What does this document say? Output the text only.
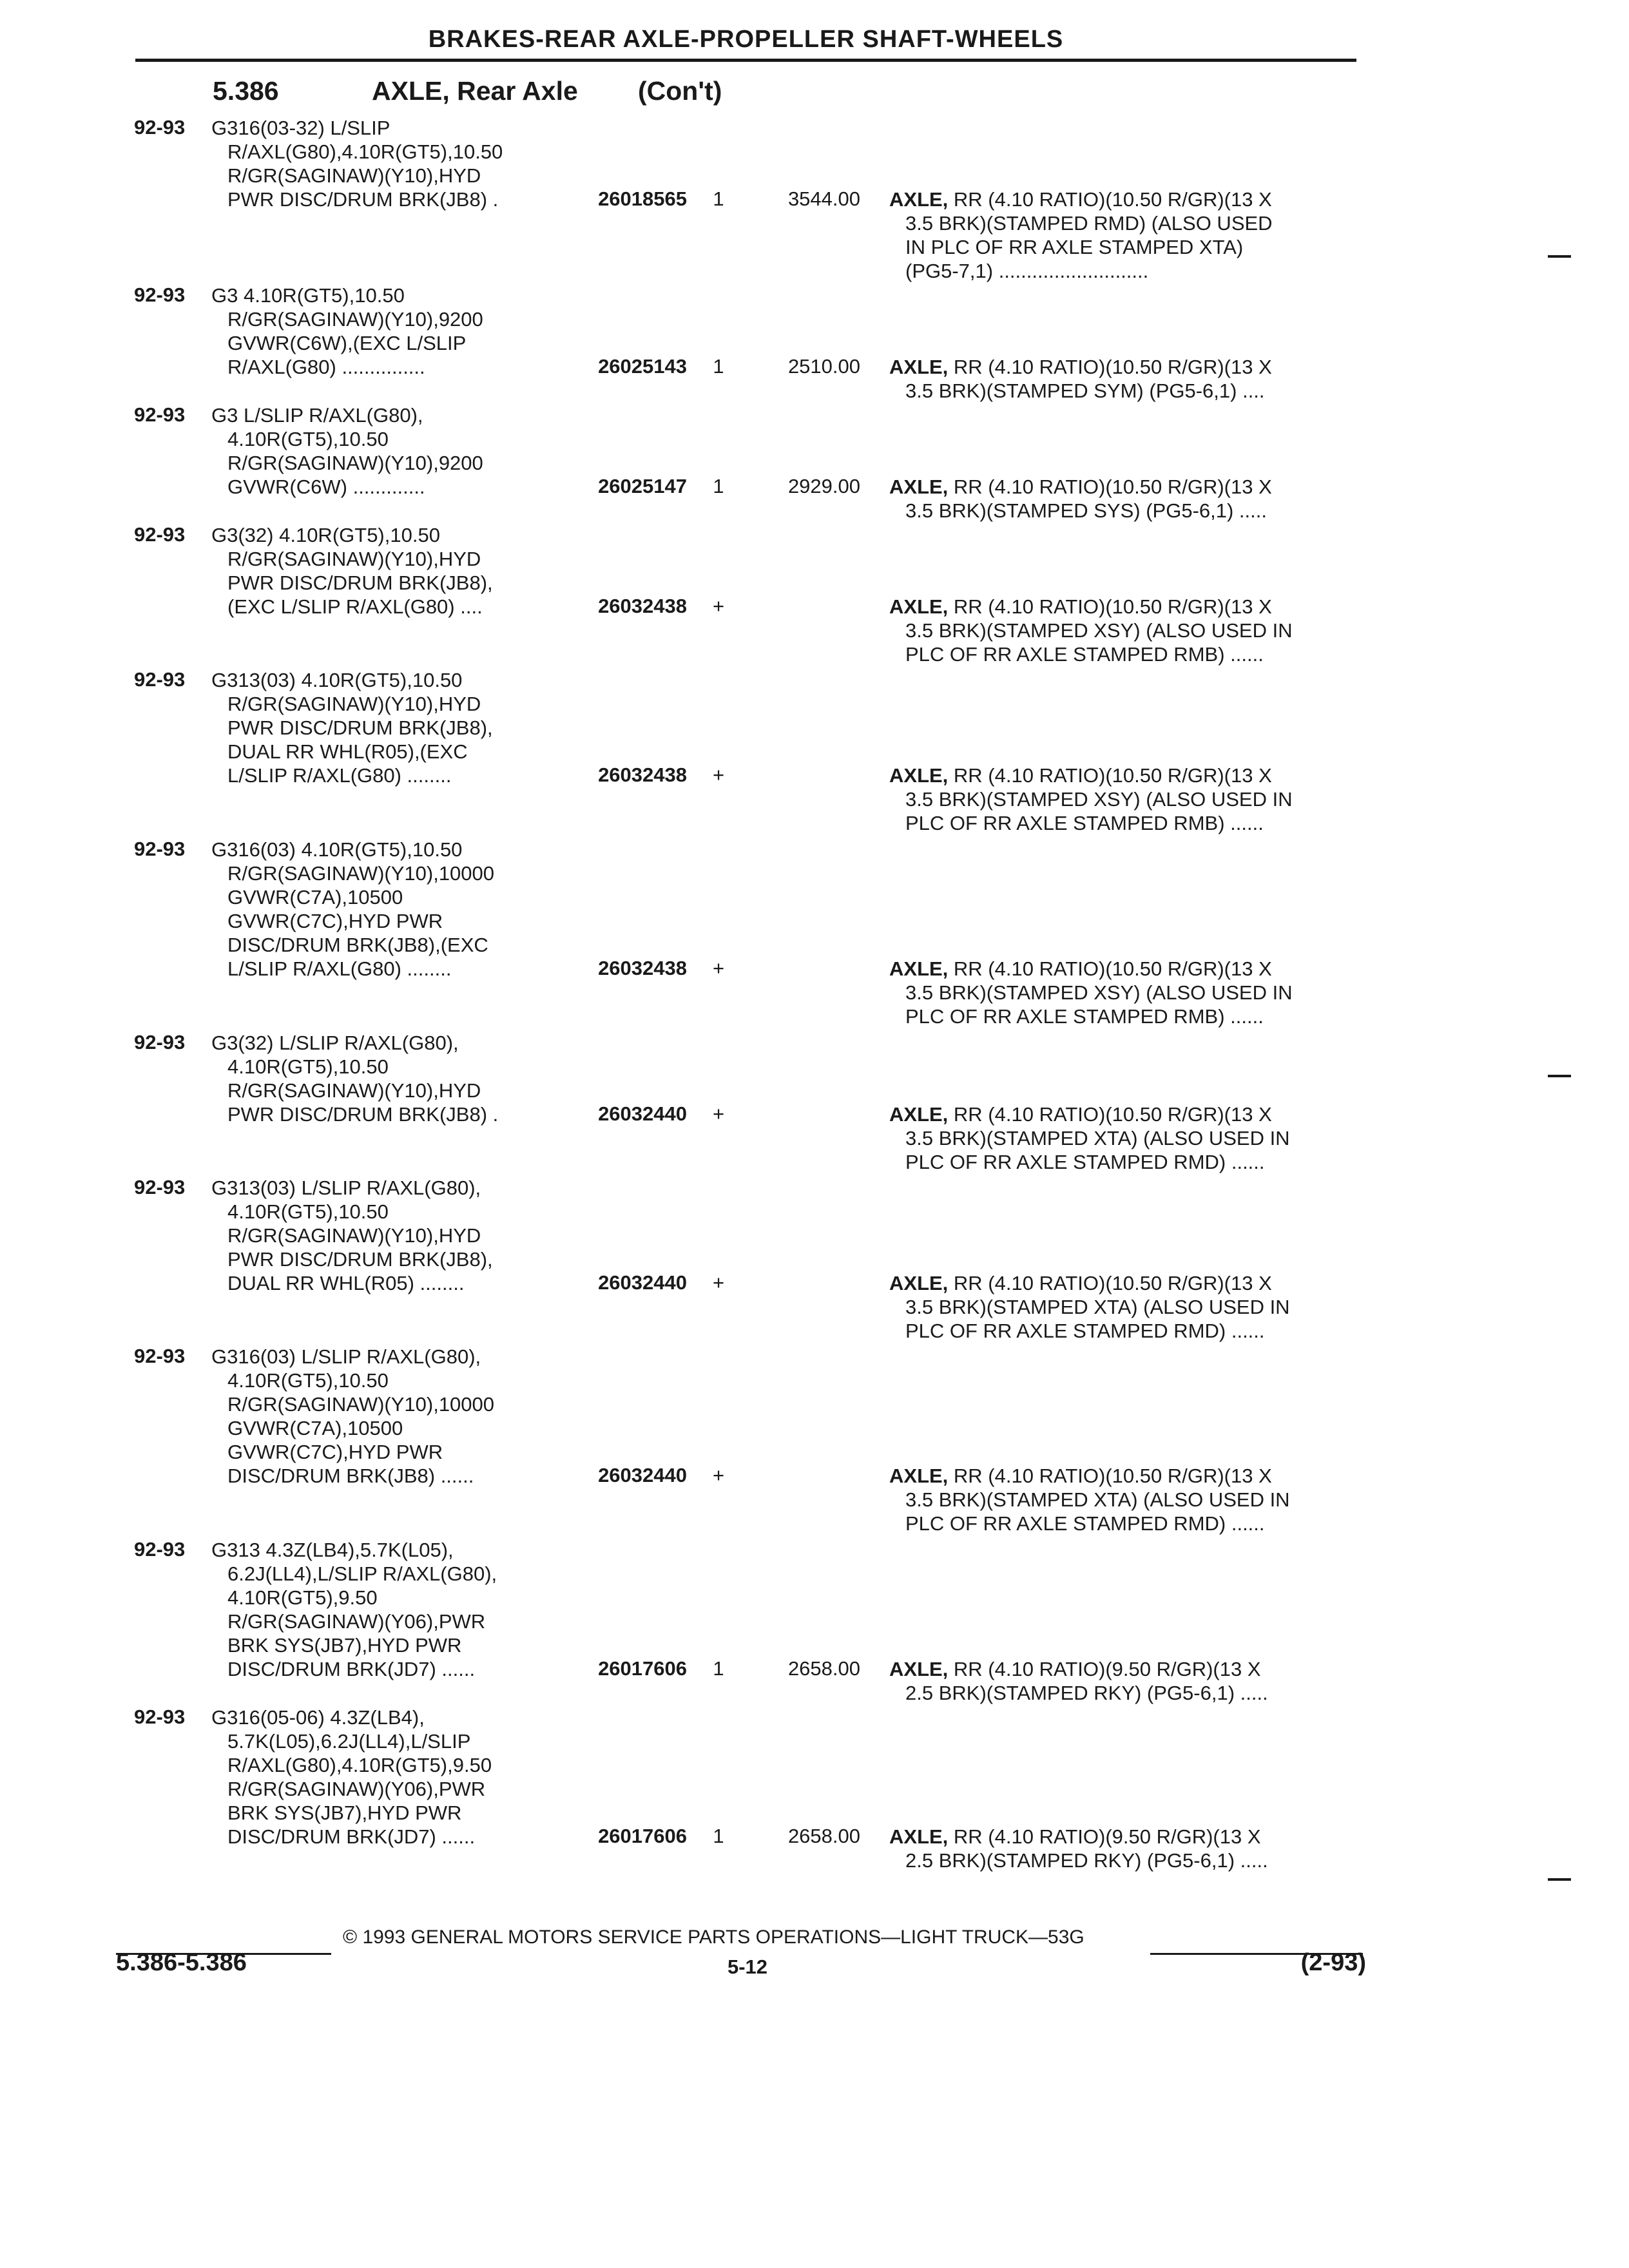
BRAKES-REAR AXLE-PROPELLER SHAFT-WHEELS
5.386	AXLE, Rear Axle (Con't)
92-93 G316(03-32) L/SLIP
R/AXL(G80),4.10R(GT5),10.50
R/GR(SAGINAW)(Y10),HYD
PWR DISC/DRUM BRK(JB8) .	26018565	1	3544.00 AXLE, RR (4.10 RATIO)(10.50 R/GR)(13 X
3.5 BRK)(STAMPED RMD) (ALSO USED
IN PLC OF RR AXLE STAMPED XTA)
(PG5-7,1) ...........................
92-93 G3 4.10R(GT5),10.50
R/GR(SAGINAW)(Y10),9200
GVWR(C6W),(EXC L/SLIP
R/AXL(G80) ...............	26025143	1	2510.00 AXLE, RR (4.10 RATIO)(10.50 R/GR)(13 X
3.5 BRK)(STAMPED SYM) (PG5-6,1) ....
92-93 G3 L/SLIP R/AXL(G80),
4.10R(GT5),10.50
R/GR(SAGINAW)(Y10),9200
GVWR(C6W) .............	26025147	1	2929.00 AXLE, RR (4.10 RATIO)(10.50 R/GR)(13 X
3.5 BRK)(STAMPED SYS) (PG5-6,1) .....
92-93 G3(32) 4.10R(GT5),10.50
R/GR(SAGINAW)(Y10),HYD
PWR DISC/DRUM BRK(JB8),
(EXC L/SLIP R/AXL(G80) ....	26032438	+	AXLE, RR (4.10 RATIO)(10.50 R/GR)(13 X
3.5 BRK)(STAMPED XSY) (ALSO USED IN
PLC OF RR AXLE STAMPED RMB) ......
92-93 G313(03) 4.10R(GT5),10.50
R/GR(SAGINAW)(Y10),HYD
PWR DISC/DRUM BRK(JB8),
DUAL RR WHL(R05),(EXC
L/SLIP R/AXL(G80) ........	26032438	+	AXLE, RR (4.10 RATIO)(10.50 R/GR)(13 X
3.5 BRK)(STAMPED XSY) (ALSO USED IN
PLC OF RR AXLE STAMPED RMB) ......
92-93 G316(03) 4.10R(GT5),10.50
R/GR(SAGINAW)(Y10),10000
GVWR(C7A),10500
GVWR(C7C),HYD PWR
DISC/DRUM BRK(JB8),(EXC
L/SLIP R/AXL(G80) ........	26032438	+	AXLE, RR (4.10 RATIO)(10.50 R/GR)(13 X
3.5 BRK)(STAMPED XSY) (ALSO USED IN
PLC OF RR AXLE STAMPED RMB) ......
92-93 G3(32) L/SLIP R/AXL(G80),
4.10R(GT5),10.50
R/GR(SAGINAW)(Y10),HYD
PWR DISC/DRUM BRK(JB8) .	26032440	+	AXLE, RR (4.10 RATIO)(10.50 R/GR)(13 X
3.5 BRK)(STAMPED XTA) (ALSO USED IN
PLC OF RR AXLE STAMPED RMD) ......
92-93 G313(03) L/SLIP R/AXL(G80),
4.10R(GT5),10.50
R/GR(SAGINAW)(Y10),HYD
PWR DISC/DRUM BRK(JB8),
DUAL RR WHL(R05) ........	26032440	+	AXLE, RR (4.10 RATIO)(10.50 R/GR)(13 X
3.5 BRK)(STAMPED XTA) (ALSO USED IN
PLC OF RR AXLE STAMPED RMD) ......
92-93 G316(03) L/SLIP R/AXL(G80),
4.10R(GT5),10.50
R/GR(SAGINAW)(Y10),10000
GVWR(C7A),10500
GVWR(C7C),HYD PWR
DISC/DRUM BRK(JB8) ......	26032440	+	AXLE, RR (4.10 RATIO)(10.50 R/GR)(13 X
3.5 BRK)(STAMPED XTA) (ALSO USED IN
PLC OF RR AXLE STAMPED RMD) ......
92-93 G313 4.3Z(LB4),5.7K(L05),
6.2J(LL4),L/SLIP R/AXL(G80),
4.10R(GT5),9.50
R/GR(SAGINAW)(Y06),PWR
BRK SYS(JB7),HYD PWR
DISC/DRUM BRK(JD7) ......	26017606	1	2658.00 AXLE, RR (4.10 RATIO)(9.50 R/GR)(13 X
2.5 BRK)(STAMPED RKY) (PG5-6,1) .....
92-93 G316(05-06) 4.3Z(LB4),
5.7K(L05),6.2J(LL4),L/SLIP
R/AXL(G80),4.10R(GT5),9.50
R/GR(SAGINAW)(Y06),PWR
BRK SYS(JB7),HYD PWR
DISC/DRUM BRK(JD7) ......	26017606	1	2658.00 AXLE, RR (4.10 RATIO)(9.50 R/GR)(13 X
2.5 BRK)(STAMPED RKY) (PG5-6,1) .....
© 1993 GENERAL MOTORS SERVICE PARTS OPERATIONS—LIGHT TRUCK—53G
5.386-5.386	5-12	(2-93)
